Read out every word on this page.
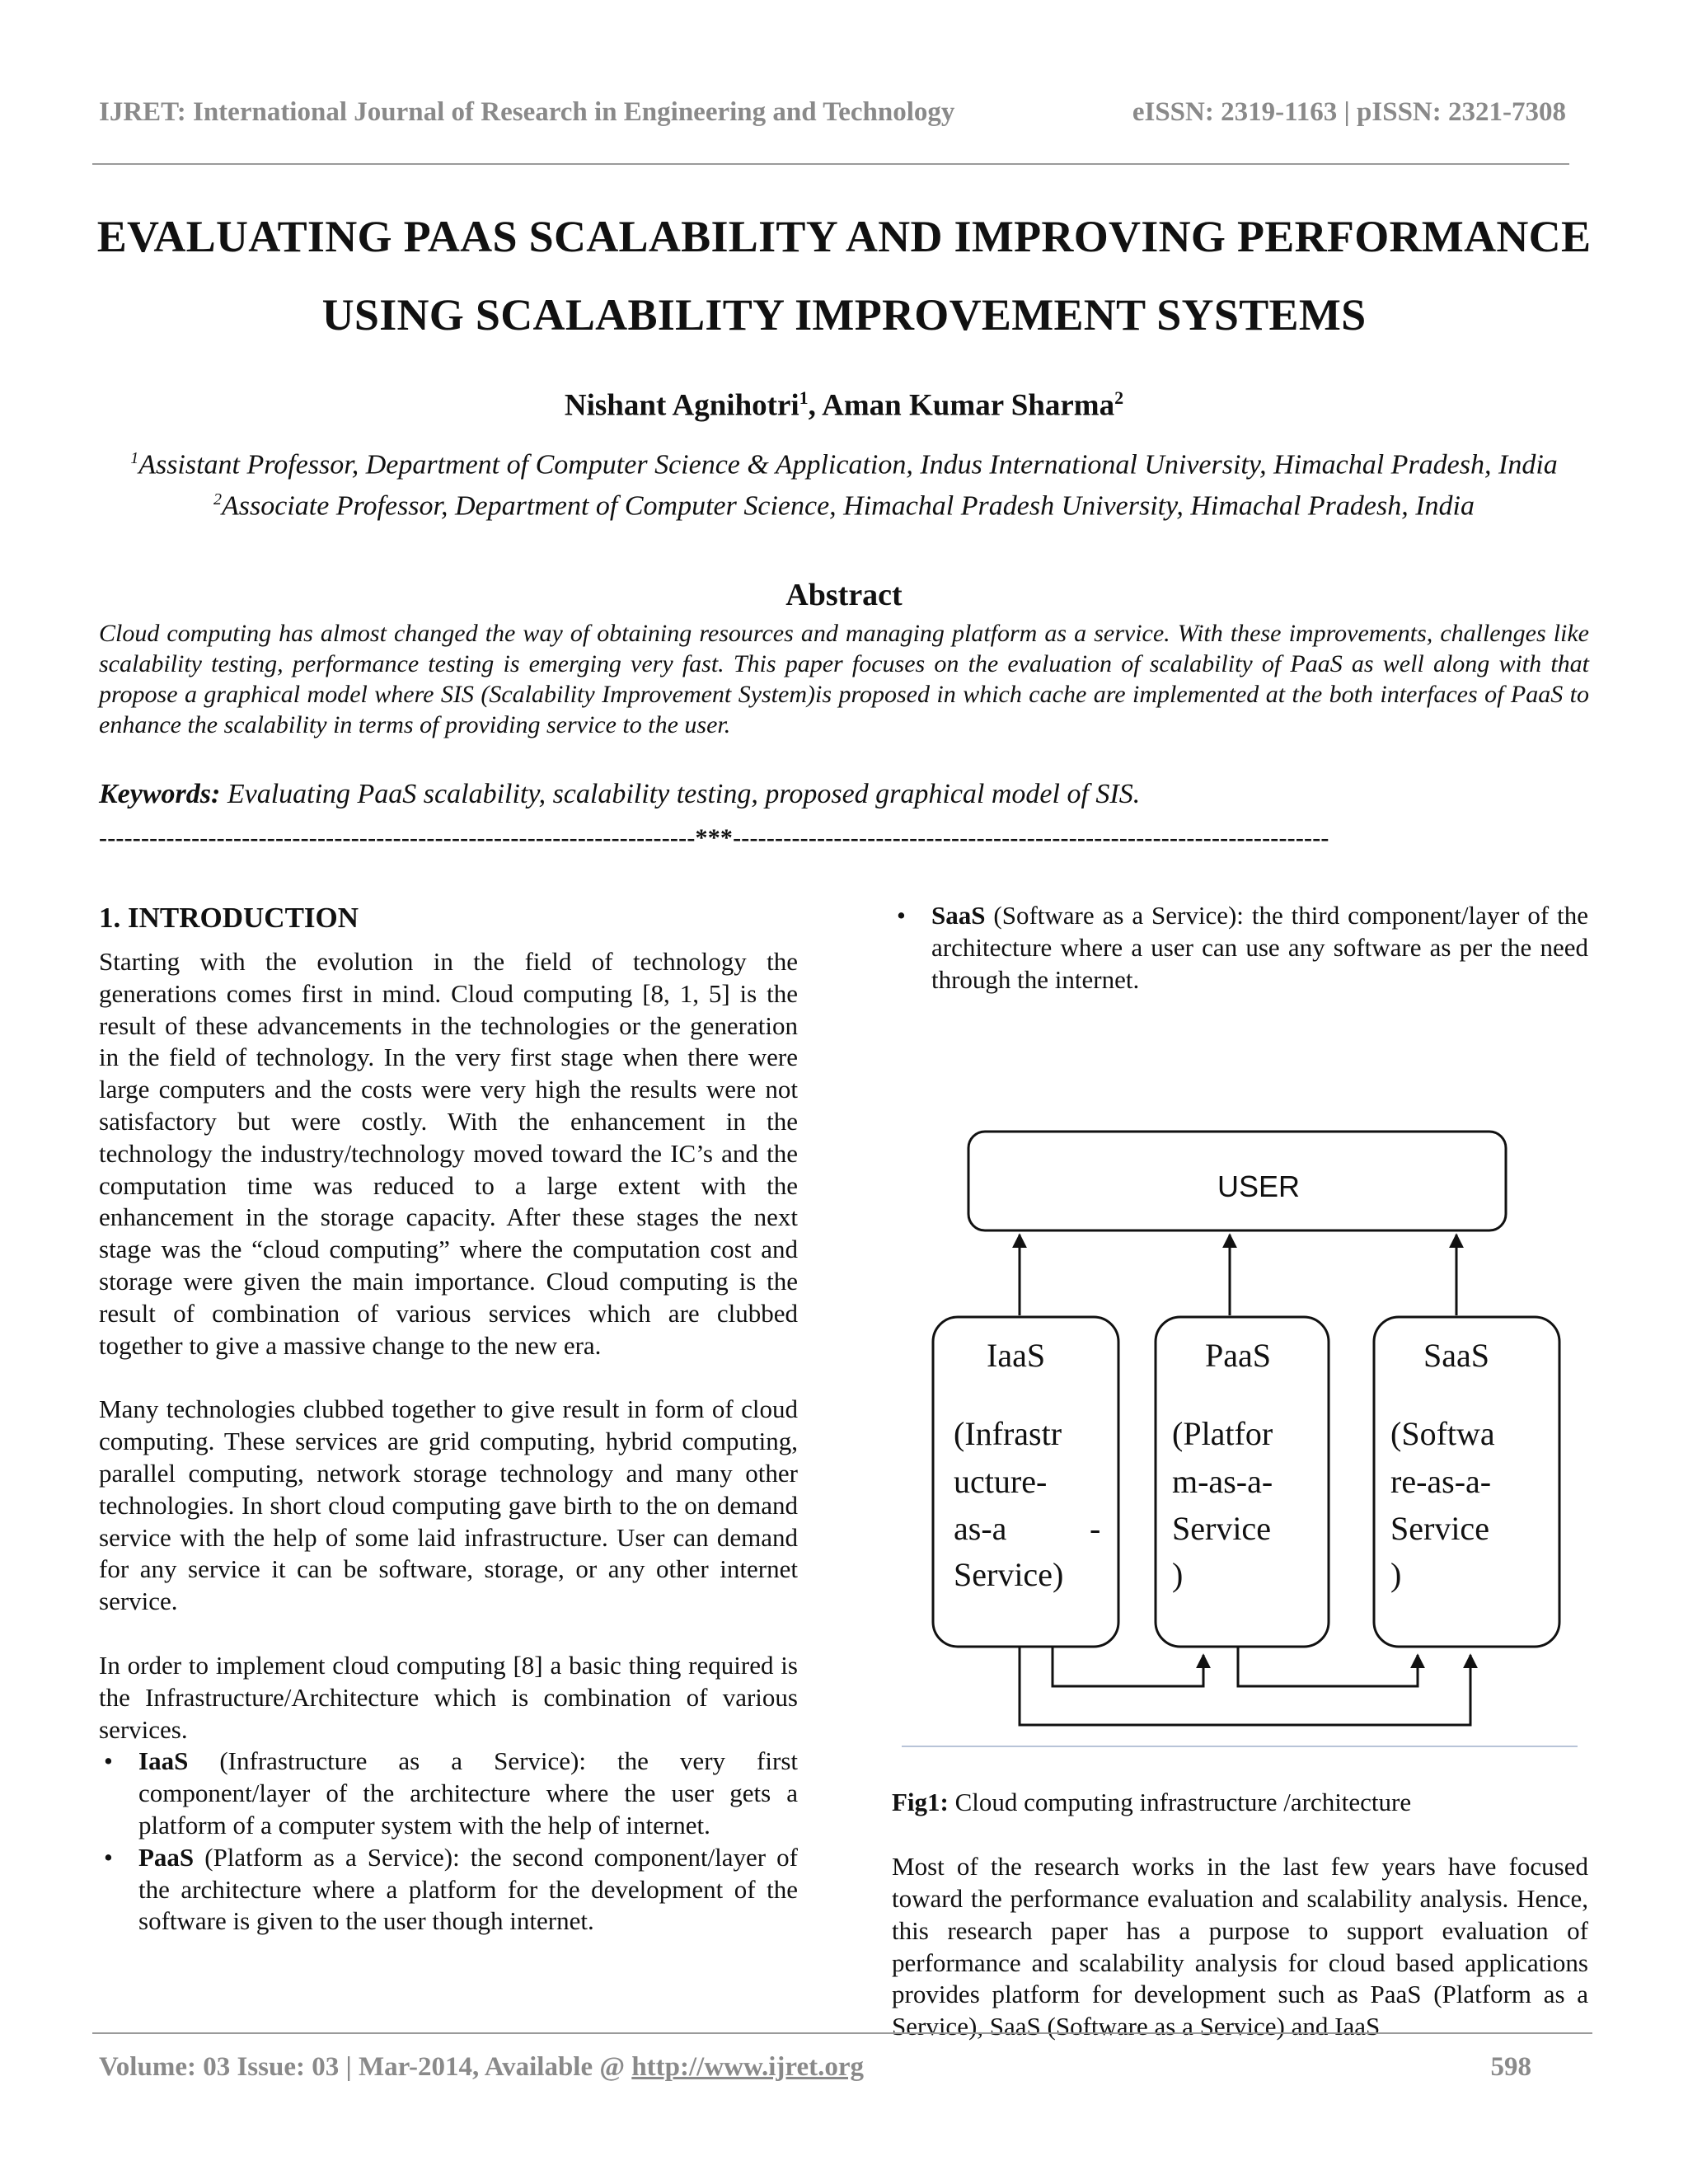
IJRET: International Journal of Research in Engineering and Technology	eISSN: 2319-1163 | pISSN: 2321-7308
EVALUATING PAAS SCALABILITY AND IMPROVING PERFORMANCE
USING SCALABILITY IMPROVEMENT SYSTEMS
Nishant Agnihotri$^1$, Aman Kumar Sharma$^2$

$^1$Assistant Professor, Department of Computer Science & Application, Indus International University, Himachal Pradesh, India

$^2$Associate Professor, Department of Computer Science, Himachal Pradesh University, Himachal Pradesh, India

Abstract

Cloud computing has almost changed the way of obtaining resources and managing platform as a service. With these improvements, challenges like scalability testing, performance testing is emerging very fast. This paper focuses on the evaluation of scalability of PaaS as well along with that propose a graphical model where SIS (Scalability Improvement System)is proposed in which cache are implemented at the both interfaces of PaaS to enhance the scalability in terms of providing service to the user.

Keywords: Evaluating PaaS scalability, scalability testing, proposed graphical model of SIS.

-----------------------------------------------------------------------***-----------------------------------------------------------------------
1. INTRODUCTION

Starting with the evolution in the field of technology the generations comes first in mind. Cloud computing [8, 1, 5] is the result of these advancements in the technologies or the generation in the field of technology. In the very first stage when there were large computers and the costs were very high the results were not satisfactory but were costly. With the enhancement in the technology the industry/technology moved toward the IC’s and the computation time was reduced to a large extent with the enhancement in the storage capacity. After these stages the next stage was the “cloud computing” where the computation cost and storage were given the main importance. Cloud computing is the result of combination of various services which are clubbed together to give a massive change to the new era.

Many technologies clubbed together to give result in form of cloud computing. These services are grid computing, hybrid computing, parallel computing, network storage technology and many other technologies. In short cloud computing gave birth to the on demand service with the help of some laid infrastructure. User can demand for any service it can be software, storage, or any other internet service.

In order to implement cloud computing [8] a basic thing required is the Infrastructure/Architecture which is combination of various services.

• IaaS (Infrastructure as a Service): the very first component/layer of the architecture where the user gets a platform of a computer system with the help of internet.
• PaaS (Platform as a Service): the second component/layer of the architecture where a platform for the development of the software is given to the user though internet.
• SaaS (Software as a Service): the third component/layer of the architecture where a user can use any software as per the need through the internet.
USER
IaaS
(Infrastr
ucture-
as-a	-
Service)
PaaS
(Platfor
m-as-a-
Service
)
SaaS
(Softwa
re-as-a-
Service
)

Fig1: Cloud computing infrastructure /architecture

Most of the research works in the last few years have focused toward the performance evaluation and scalability analysis. Hence, this research paper has a purpose to support evaluation of performance and scalability analysis for cloud based applications provides platform for development such as PaaS (Platform as a Service), SaaS (Software as a Service) and IaaS

Volume: 03 Issue: 03 | Mar-2014, Available @ http://www.ijret.org	598
